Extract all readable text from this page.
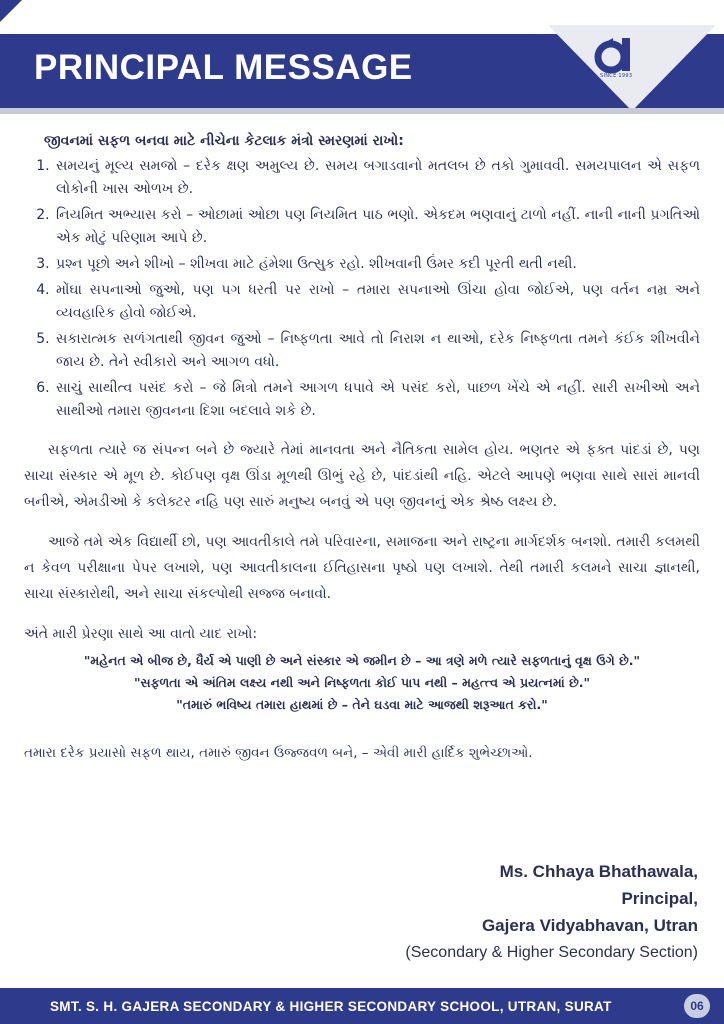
SINCE 1993
PRINCIPAL MESSAGE
જીવનમાં સફળ બનવા માટે નીચેના કેટલાક મંત્રો સ્મરણમાં રાખો:
1. સમયનું મૂલ્ય સમજો – દરેક ક્ષણ અમુલ્ય છે. સમય બગાડવાનો મતલબ છે તકો ગુમાવવી. સમયપાલન એ સફળ લોકોની ખાસ ઓળખ છે.
2. નિયમિત અભ્યાસ કરો – ઓછામાં ઓછા પણ નિયમિત પાઠ ભણો. એકદમ ભણવાનું ટાળો નહીં. નાની નાની પ્રગતિઓ એક મોટું પરિણામ આપે છે.
3. પ્રશ્ન પૂછો અને શીખો – શીખવા માટે હંમેશા ઉત્સુક રહો. શીખવાની ઉંમર કદી પૂરતી થતી નથી.
4. મોંઘા સપનાઓ જુઓ, પણ પગ ધરતી પર રાખો – તમારા સપનાઓ ઊંચા હોવા જોઈએ, પણ વર્તન નમ્ર અને વ્યવહારિક હોવો જોઈએ.
5. સકારાત્મક સળંગતાથી જીવન જુઓ – નિષ્ફળતા આવે તો નિરાશ ન થાઓ, દરેક નિષ્ફળતા તમને કંઈક શીખવીને જાય છે. તેને સ્વીકારો અને આગળ વધો.
6. સાચું સાથીત્વ પસંદ કરો – જે મિત્રો તમને આગળ ધપાવે એ પસંદ કરો, પાછળ ખેંચે એ નહીં. સારી સખીઓ અને સાથીઓ તમારા જીવનના દિશા બદલાવે શકે છે.

સફળતા ત્યારે જ સંપન્ન બને છે જ્યારે તેમાં માનવતા અને નૈતિકતા સામેલ હોય. ભણતર એ ફક્ત પાંદડાં છે, પણ સાચા સંસ્કાર એ મૂળ છે. કોઈપણ વૃક્ષ ઊંડા મૂળથી ઊભું રહે છે, પાંદડાંથી નહિ. એટલે આપણે ભણવા સાથે સારાં માનવી બનીએ, એમડીઓ કે કલેક્ટર નહિ પણ સારું મનુષ્ય બનવું એ પણ જીવનનું એક શ્રેષ્ઠ લક્ષ્ય છે.

આજે તમે એક વિદ્યાર્થી છો, પણ આવતીકાલે તમે પરિવારના, સમાજના અને રાષ્ટ્રના માર્ગદર્શક બનશો. તમારી કલમથી ન કેવળ પરીક્ષાના પેપર લખાશે, પણ આવતીકાલના ઈતિહાસના પૃષ્ઠો પણ લખાશે. તેથી તમારી કલમને સાચા જ્ઞાનથી, સાચા સંસ્કારોથી, અને સાચા સંકલ્પોથી સજ્જ બનાવો.

અંતે મારી પ્રેરણા સાથે આ વાતો યાદ રાખો:
"મહેનત એ બીજ છે, ધૈર્ય એ પાણી છે અને સંસ્કાર એ જમીન છે – આ ત્રણે મળે ત્યારે સફળતાનું વૃક્ષ ઉગે છે."
"સફળતા એ અંતિમ લક્ષ્ય નથી અને નિષ્ફળતા કોઈ પાપ નથી – મહત્ત્વ એ પ્રયત્નમાં છે."
"તમારું ભવિષ્ય તમારા હાથમાં છે – તેને ઘડવા માટે આજથી શરૂઆત કરો."
તમારા દરેક પ્રયાસો સફળ થાય, તમારું જીવન ઉજ્જવળ બને, – એવી મારી હાર્દિક શુભેચ્છાઓ.
Ms. Chhaya Bhathawala,
Principal,
Gajera Vidyabhavan, Utran
(Secondary & Higher Secondary Section)
SMT. S. H. GAJERA SECONDARY & HIGHER SECONDARY SCHOOL, UTRAN, SURAT	06
